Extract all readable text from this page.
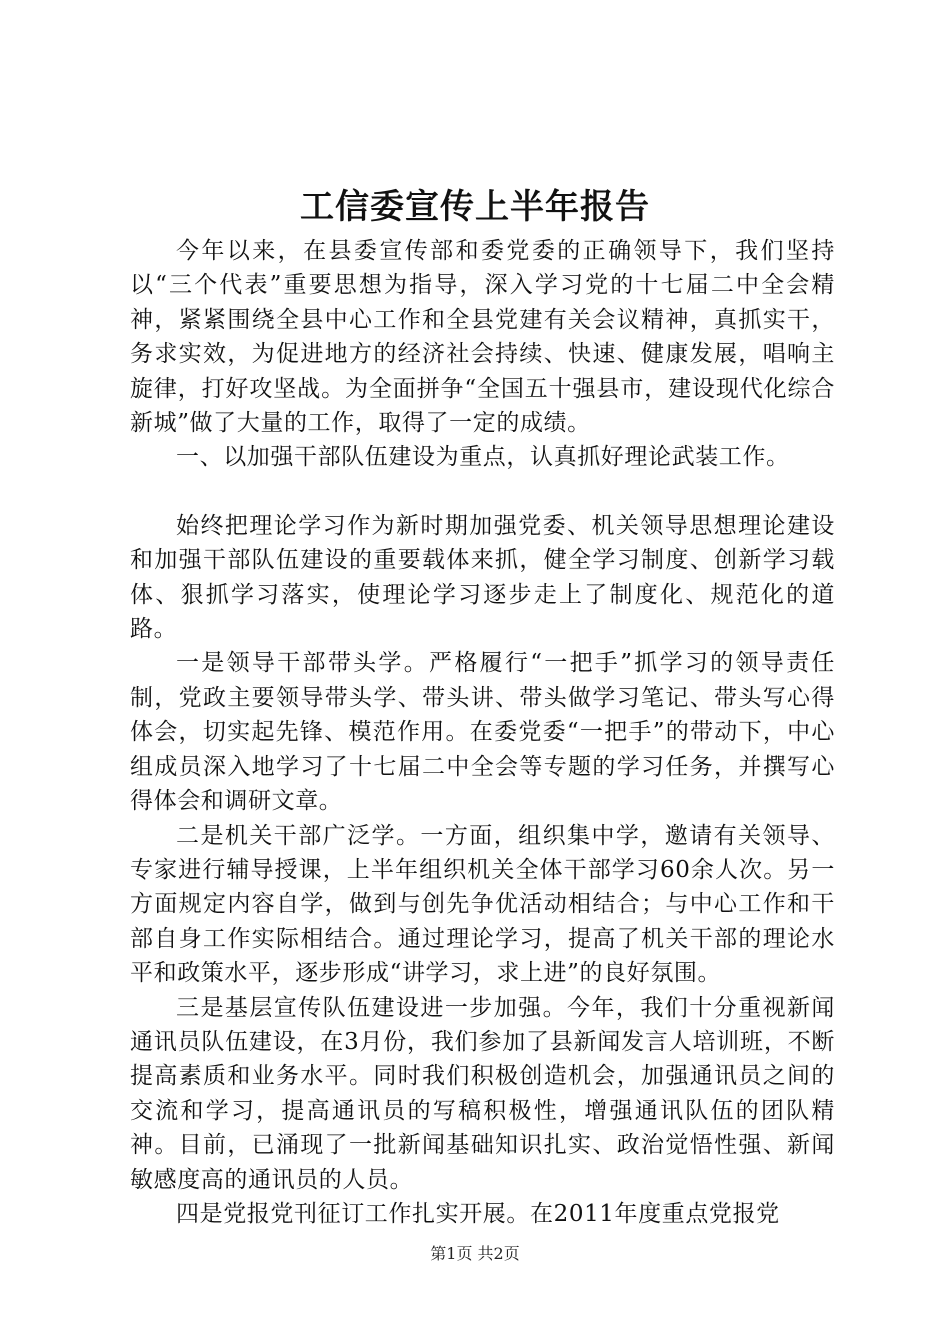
工信委宣传上半年报告

今年以来，在县委宣传部和委党委的正确领导下，我们坚持以“三个代表”重要思想为指导，深入学习党的十七届二中全会精神，紧紧围绕全县中心工作和全县党建有关会议精神，真抓实干，务求实效，为促进地方的经济社会持续、快速、健康发展，唱响主旋律，打好攻坚战。为全面拼争“全国五十强县市，建设现代化综合新城”做了大量的工作，取得了一定的成绩。

一、以加强干部队伍建设为重点，认真抓好理论武装工作。

始终把理论学习作为新时期加强党委、机关领导思想理论建设和加强干部队伍建设的重要载体来抓，健全学习制度、创新学习载体、狠抓学习落实，使理论学习逐步走上了制度化、规范化的道路。

一是领导干部带头学。严格履行“一把手”抓学习的领导责任制，党政主要领导带头学、带头讲、带头做学习笔记、带头写心得体会，切实起先锋、模范作用。在委党委“一把手”的带动下，中心组成员深入地学习了十七届二中全会等专题的学习任务，并撰写心得体会和调研文章。

二是机关干部广泛学。一方面，组织集中学，邀请有关领导、专家进行辅导授课，上半年组织机关全体干部学习60余人次。另一方面规定内容自学，做到与创先争优活动相结合；与中心工作和干部自身工作实际相结合。通过理论学习，提高了机关干部的理论水平和政策水平，逐步形成“讲学习，求上进”的良好氛围。

三是基层宣传队伍建设进一步加强。今年，我们十分重视新闻通讯员队伍建设，在3月份，我们参加了县新闻发言人培训班，不断提高素质和业务水平。同时我们积极创造机会，加强通讯员之间的交流和学习，提高通讯员的写稿积极性，增强通讯队伍的团队精神。目前，已涌现了一批新闻基础知识扎实、政治觉悟性强、新闻敏感度高的通讯员的人员。

四是党报党刊征订工作扎实开展。在2011年度重点党报党

第1页 共2页
